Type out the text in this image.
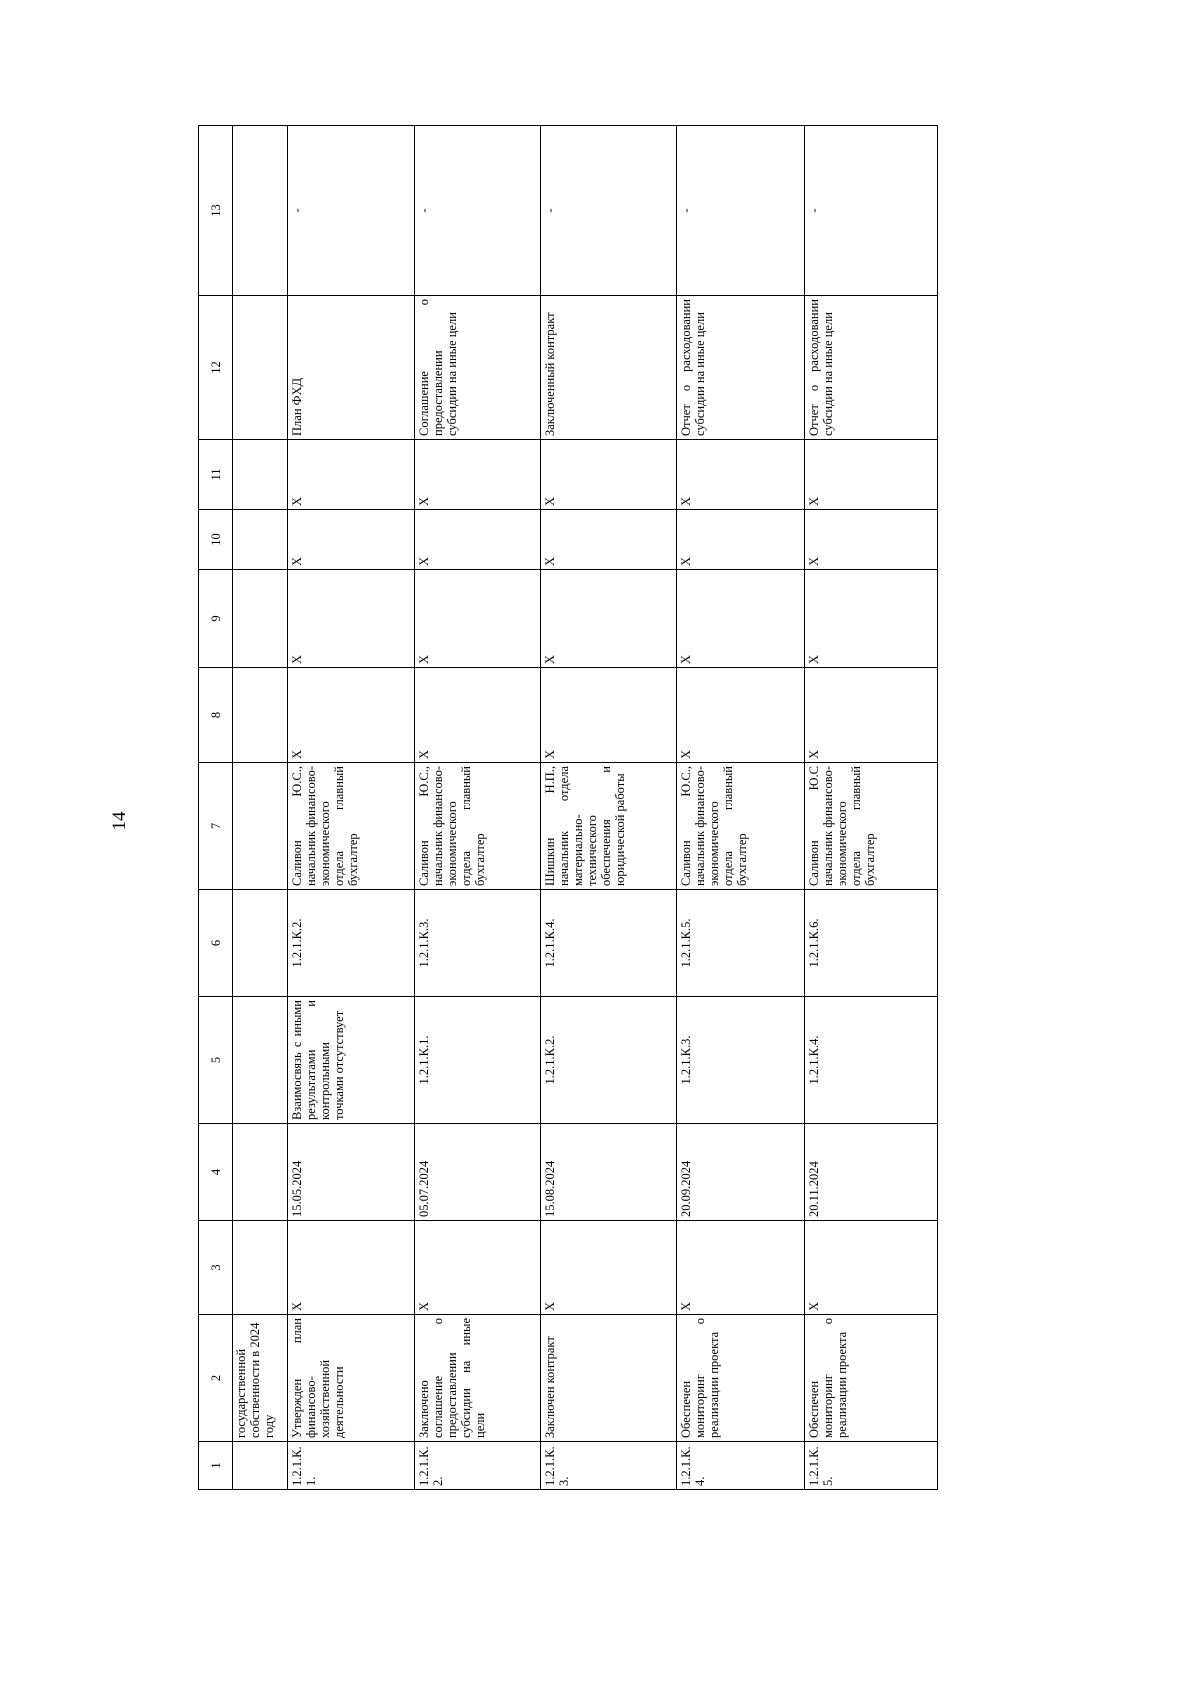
14
1	2	3	4	5	6	7	8	9	10	11	12	13
	государственной собственности в 2024 году											
1.2.1.К.1.	Утвержден план финансово-хозяйственной деятельности	Х	15.05.2024	Взаимосвязь с иными результатами и контрольными точками отсутствует	1.2.1.К.2.	Саливон Ю.С., начальник финансово-экономического отдела главный бухгалтер	Х	Х	Х	Х	План ФХД	-
1.2.1.К.2.	Заключено соглашение о предоставлении субсидии на иные цели	Х	05.07.2024	1.2.1.К.1.	1.2.1.К.3.	Саливон Ю.С., начальник финансово-экономического отдела главный бухгалтер	Х	Х	Х	Х	Соглашение о предоставлении субсидии на иные цели	-
1.2.1.К.3.	Заключен контракт	Х	15.08.2024	1.2.1.К.2.	1.2.1.К.4.	Шишкин Н.П., начальник отдела материально-технического обеспечения и юридической работы	Х	Х	Х	Х	Заключенный контракт	-
1.2.1.К.4.	Обеспечен мониторинг о реализации проекта	Х	20.09.2024	1.2.1.К.3.	1.2.1.К.5.	Саливон Ю.С., начальник финансово-экономического отдела главный бухгалтер	Х	Х	Х	Х	Отчет о расходовании субсидии на иные цели	-
1.2.1.К.5.	Обеспечен мониторинг о реализации проекта	Х	20.11.2024	1.2.1.К.4.	1.2.1.К.6.	Саливон Ю.С начальник финансово-экономического отдела главный бухгалтер	Х	Х	Х	Х	Отчет о расходовании субсидии на иные цели	-
